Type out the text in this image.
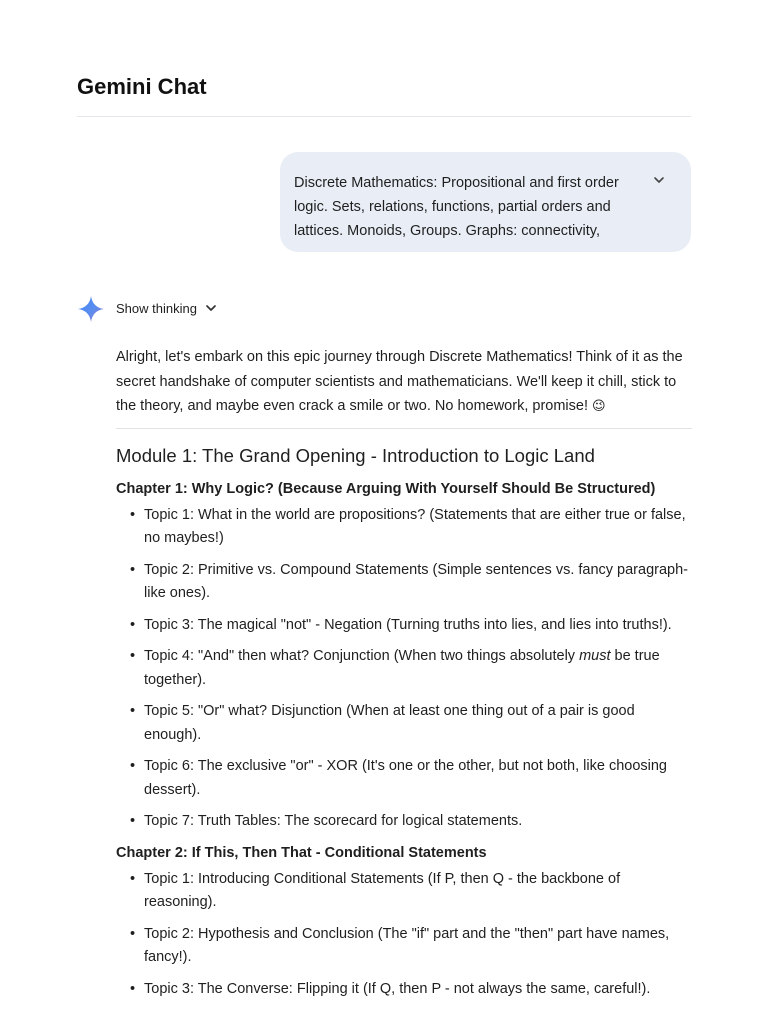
Gemini Chat

Discrete Mathematics: Propositional and first order logic. Sets, relations, functions, partial orders and lattices. Monoids, Groups. Graphs: connectivity,

Show thinking

Alright, let's embark on this epic journey through Discrete Mathematics! Think of it as the secret handshake of computer scientists and mathematicians. We'll keep it chill, stick to the theory, and maybe even crack a smile or two. No homework, promise! 😉

Module 1: The Grand Opening - Introduction to Logic Land
Chapter 1: Why Logic? (Because Arguing With Yourself Should Be Structured)
• Topic 1: What in the world are propositions? (Statements that are either true or false, no maybes!)
• Topic 2: Primitive vs. Compound Statements (Simple sentences vs. fancy paragraph-like ones).
• Topic 3: The magical "not" - Negation (Turning truths into lies, and lies into truths!).
• Topic 4: "And" then what? Conjunction (When two things absolutely must be true together).
• Topic 5: "Or" what? Disjunction (When at least one thing out of a pair is good enough).
• Topic 6: The exclusive "or" - XOR (It's one or the other, but not both, like choosing dessert).
• Topic 7: Truth Tables: The scorecard for logical statements.
Chapter 2: If This, Then That - Conditional Statements
• Topic 1: Introducing Conditional Statements (If P, then Q - the backbone of reasoning).
• Topic 2: Hypothesis and Conclusion (The "if" part and the "then" part have names, fancy!).
• Topic 3: The Converse: Flipping it (If Q, then P - not always the same, careful!).
